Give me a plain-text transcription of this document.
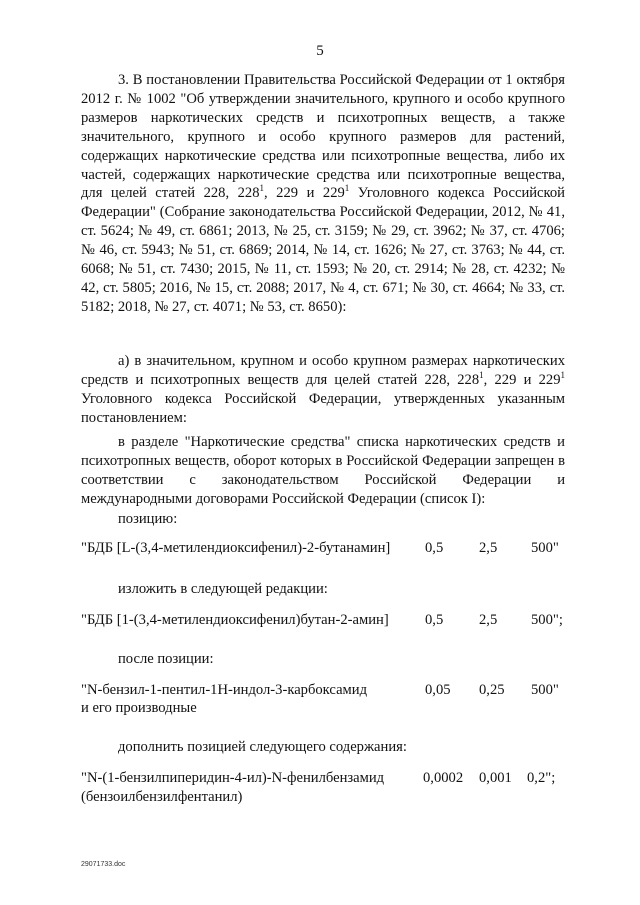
5

3. В постановлении Правительства Российской Федерации от 1 октября 2012 г. № 1002 "Об утверждении значительного, крупного и особо крупного размеров наркотических средств и психотропных веществ, а также значительного, крупного и особо крупного размеров для растений, содержащих наркотические средства или психотропные вещества, либо их частей, содержащих наркотические средства или психотропные вещества, для целей статей 228, $228^1$, 229 и $229^1$ Уголовного кодекса Российской Федерации" (Собрание законодательства Российской Федерации, 2012, № 41, ст. 5624; № 49, ст. 6861; 2013, № 25, ст. 3159; № 29, ст. 3962; № 37, ст. 4706; № 46, ст. 5943; № 51, ст. 6869; 2014, № 14, ст. 1626; № 27, ст. 3763; № 44, ст. 6068; № 51, ст. 7430; 2015, № 11, ст. 1593; № 20, ст. 2914; № 28, ст. 4232; № 42, ст. 5805; 2016, № 15, ст. 2088; 2017, № 4, ст. 671; № 30, ст. 4664; № 33, ст. 5182; 2018, № 27, ст. 4071; № 53, ст. 8650):

а) в значительном, крупном и особо крупном размерах наркотических средств и психотропных веществ для целей статей 228, $228^1$, 229 и $229^1$ Уголовного кодекса Российской Федерации, утвержденных указанным постановлением:

в разделе "Наркотические средства" списка наркотических средств и психотропных веществ, оборот которых в Российской Федерации запрещен в соответствии с законодательством Российской Федерации и международными договорами Российской Федерации (список I):

позицию:
"БДБ [L-(3,4-метилендиоксифенил)-2-бутанамин] 0,5 2,5 500"
изложить в следующей редакции:
"БДБ [1-(3,4-метилендиоксифенил)бутан-2-амин] 0,5 2,5 500";
после позиции:
"N-бензил-1-пентил-1Н-индол-3-карбоксамид	0,05 0,25 500"
и его производные
дополнить позицией следующего содержания:
"N-(1-бензилпиперидин-4-ил)-N-фенилбензамид	0,0002 0,001 0,2";
(бензоилбензилфентанил)
29071733.doc
